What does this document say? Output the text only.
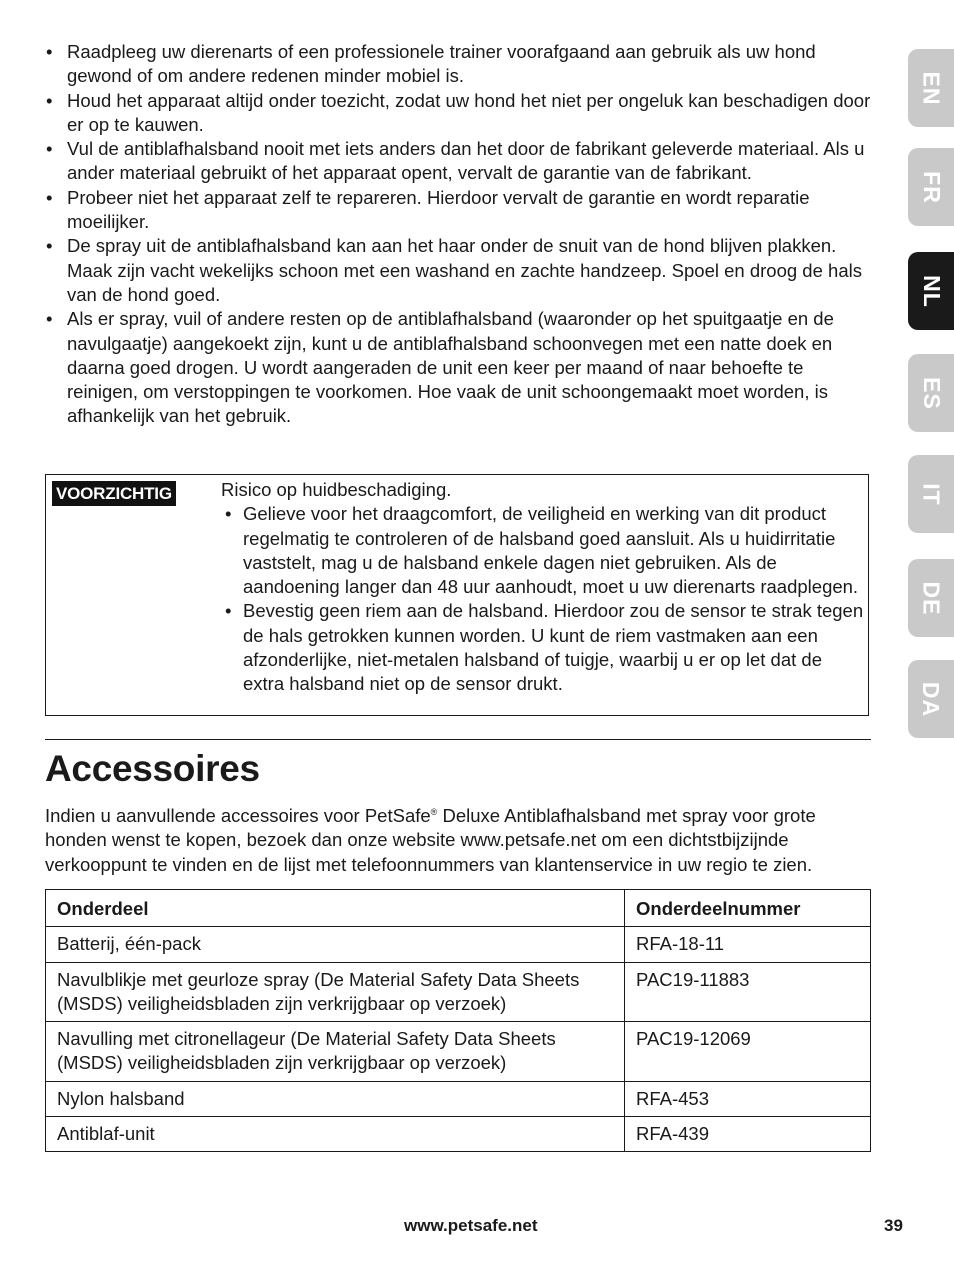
• Raadpleeg uw dierenarts of een professionele trainer voorafgaand aan gebruik als uw hond gewond of om andere redenen minder mobiel is.
• Houd het apparaat altijd onder toezicht, zodat uw hond het niet per ongeluk kan beschadigen door er op te kauwen.
• Vul de antiblafhalsband nooit met iets anders dan het door de fabrikant geleverde materiaal. Als u ander materiaal gebruikt of het apparaat opent, vervalt de garantie van de fabrikant.
• Probeer niet het apparaat zelf te repareren. Hierdoor vervalt de garantie en wordt reparatie moeilijker.
• De spray uit de antiblafhalsband kan aan het haar onder de snuit van de hond blijven plakken. Maak zijn vacht wekelijks schoon met een washand en zachte handzeep. Spoel en droog de hals van de hond goed.
• Als er spray, vuil of andere resten op de antiblafhalsband (waaronder op het spuitgaatje en de navulgaatje) aangekoekt zijn, kunt u de antiblafhalsband schoonvegen met een natte doek en daarna goed drogen. U wordt aangeraden de unit een keer per maand of naar behoefte te reinigen, om verstoppingen te voorkomen. Hoe vaak de unit schoongemaakt moet worden, is afhankelijk van het gebruik.
VOORZICHTIG	Risico op huidbeschadiging.
• Gelieve voor het draagcomfort, de veiligheid en werking van dit product regelmatig te controleren of de halsband goed aansluit. Als u huidirritatie vaststelt, mag u de halsband enkele dagen niet gebruiken. Als de aandoening langer dan 48 uur aanhoudt, moet u uw dierenarts raadplegen.
• Bevestig geen riem aan de halsband. Hierdoor zou de sensor te strak tegen de hals getrokken kunnen worden. U kunt de riem vastmaken aan een afzonderlijke, niet-metalen halsband of tuigje, waarbij u er op let dat de extra halsband niet op de sensor drukt.
Accessoires

Indien u aanvullende accessoires voor PetSafe® Deluxe Antiblafhalsband met spray voor grote honden wenst te kopen, bezoek dan onze website www.petsafe.net om een dichtstbijzijnde verkooppunt te vinden en de lijst met telefoonnummers van klantenservice in uw regio te zien.

Onderdeel	Onderdeelnummer
Batterij, één-pack	RFA-18-11
Navulblikje met geurloze spray (De Material Safety Data Sheets (MSDS) veiligheidsbladen zijn verkrijgbaar op verzoek)	PAC19-11883
Navulling met citronellageur (De Material Safety Data Sheets (MSDS) veiligheidsbladen zijn verkrijgbaar op verzoek)	PAC19-12069
Nylon halsband	RFA-453
Antiblaf-unit	RFA-439
EN
FR
NL
ES
IT
DE
DA
www.petsafe.net	39
